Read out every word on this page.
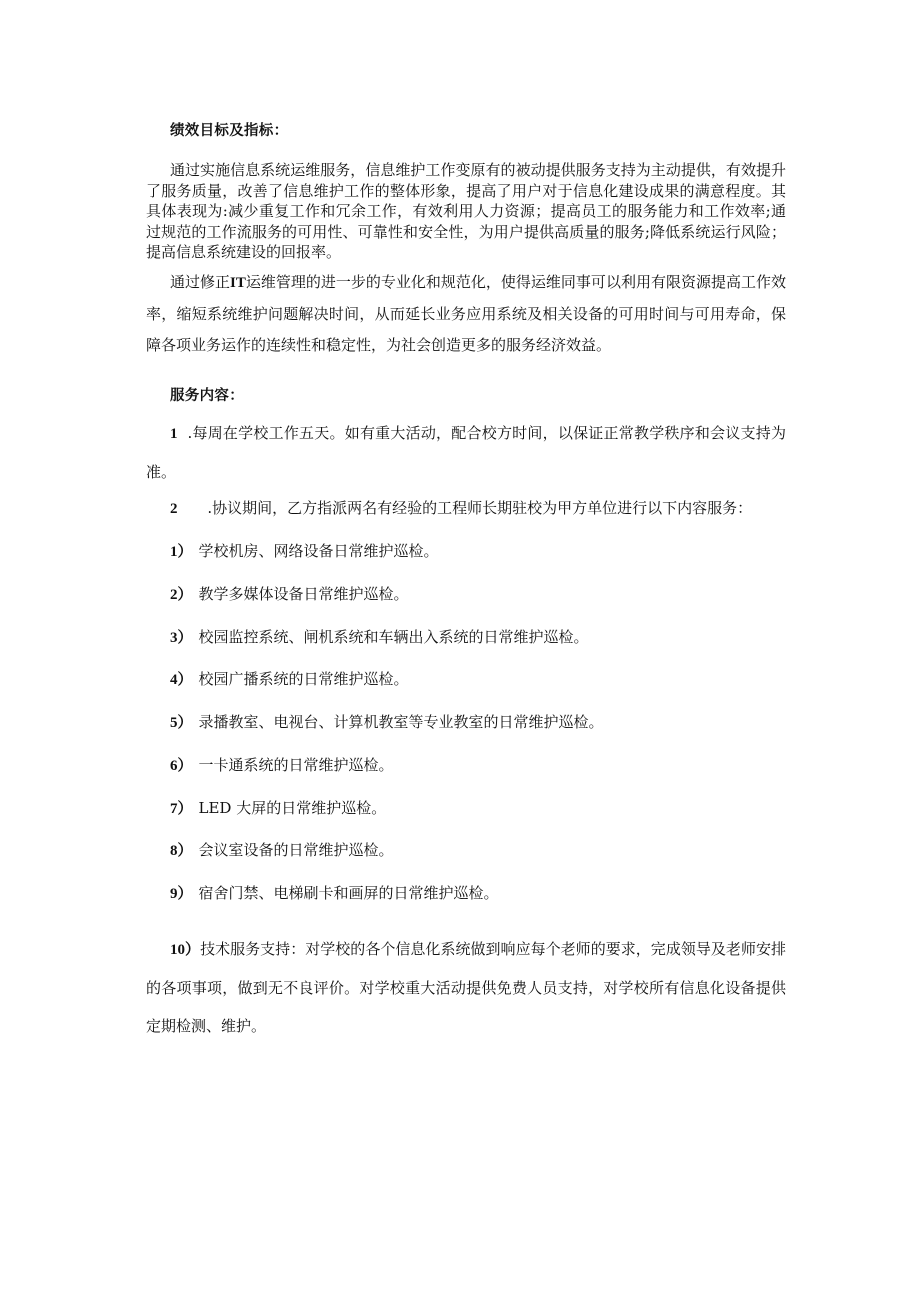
绩效目标及指标：
通过实施信息系统运维服务，信息维护工作变原有的被动提供服务支持为主动提供，有效提升了服务质量，改善了信息维护工作的整体形象，提高了用户对于信息化建设成果的满意程度。其具体表现为:减少重复工作和冗余工作，有效利用人力资源；提高员工的服务能力和工作效率;通过规范的工作流服务的可用性、可靠性和安全性，为用户提供高质量的服务;降低系统运行风险；提高信息系统建设的回报率。
通过修正IT运维管理的进一步的专业化和规范化，使得运维同事可以利用有限资源提高工作效率，缩短系统维护问题解决时间，从而延长业务应用系统及相关设备的可用时间与可用寿命，保障各项业务运作的连续性和稳定性，为社会创造更多的服务经济效益。
服务内容：
1 .每周在学校工作五天。如有重大活动，配合校方时间，以保证正常教学秩序和会议支持为准。
2 .协议期间，乙方指派两名有经验的工程师长期驻校为甲方单位进行以下内容服务：
1） 学校机房、网络设备日常维护巡检。
2） 教学多媒体设备日常维护巡检。
3） 校园监控系统、闸机系统和车辆出入系统的日常维护巡检。
4） 校园广播系统的日常维护巡检。
5） 录播教室、电视台、计算机教室等专业教室的日常维护巡检。
6） 一卡通系统的日常维护巡检。
7） LED 大屏的日常维护巡检。
8） 会议室设备的日常维护巡检。
9） 宿舍门禁、电梯刷卡和画屏的日常维护巡检。
10）技术服务支持：对学校的各个信息化系统做到响应每个老师的要求，完成领导及老师安排的各项事项，做到无不良评价。对学校重大活动提供免费人员支持，对学校所有信息化设备提供定期检测、维护。
